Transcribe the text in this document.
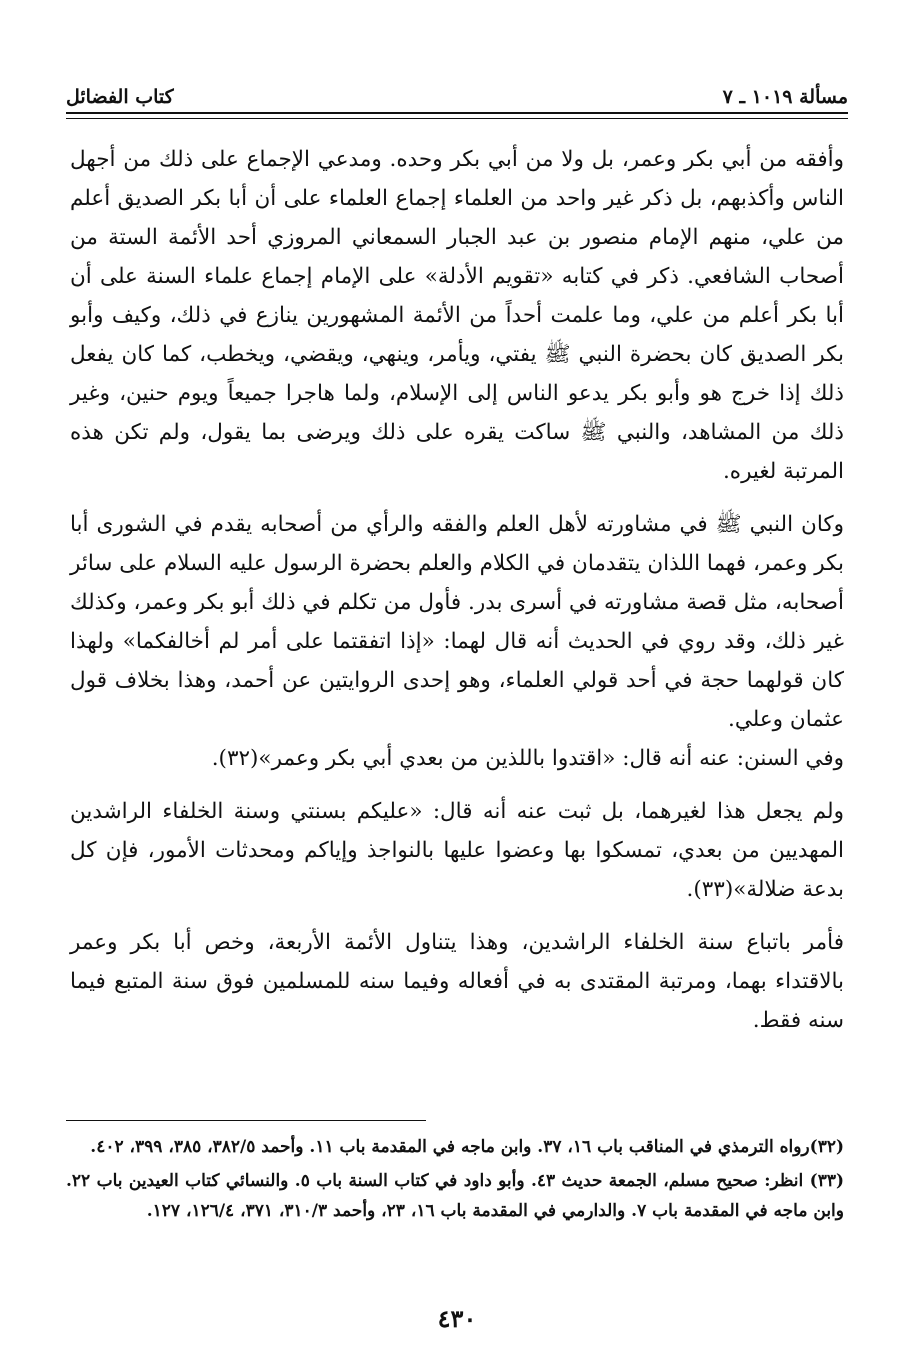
مسألة ١٠١٩ ـ ٧
كتاب الفضائل

وأفقه من أبي بكر وعمر، بل ولا من أبي بكر وحده. ومدعي الإجماع على ذلك من أجهل الناس وأكذبهم، بل ذكر غير واحد من العلماء إجماع العلماء على أن أبا بكر الصديق أعلم من علي، منهم الإمام منصور بن عبد الجبار السمعاني المروزي أحد الأئمة الستة من أصحاب الشافعي. ذكر في كتابه «تقويم الأدلة» على الإمام إجماع علماء السنة على أن أبا بكر أعلم من علي، وما علمت أحداً من الأئمة المشهورين ينازع في ذلك، وكيف وأبو بكر الصديق كان بحضرة النبي ﷺ يفتي، ويأمر، وينهي، ويقضي، ويخطب، كما كان يفعل ذلك إذا خرج هو وأبو بكر يدعو الناس إلى الإسلام، ولما هاجرا جميعاً ويوم حنين، وغير ذلك من المشاهد، والنبي ﷺ ساكت يقره على ذلك ويرضى بما يقول، ولم تكن هذه المرتبة لغيره.

وكان النبي ﷺ في مشاورته لأهل العلم والفقه والرأي من أصحابه يقدم في الشورى أبا بكر وعمر، فهما اللذان يتقدمان في الكلام والعلم بحضرة الرسول عليه السلام على سائر أصحابه، مثل قصة مشاورته في أسرى بدر. فأول من تكلم في ذلك أبو بكر وعمر، وكذلك غير ذلك، وقد روي في الحديث أنه قال لهما: «إذا اتفقتما على أمر لم أخالفكما» ولهذا كان قولهما حجة في أحد قولي العلماء، وهو إحدى الروايتين عن أحمد، وهذا بخلاف قول عثمان وعلي.

وفي السنن: عنه أنه قال: «اقتدوا باللذين من بعدي أبي بكر وعمر»(٣٢).

ولم يجعل هذا لغيرهما، بل ثبت عنه أنه قال: «عليكم بسنتي وسنة الخلفاء الراشدين المهديين من بعدي، تمسكوا بها وعضوا عليها بالنواجذ وإياكم ومحدثات الأمور، فإن كل بدعة ضلالة»(٣٣).

فأمر باتباع سنة الخلفاء الراشدين، وهذا يتناول الأئمة الأربعة، وخص أبا بكر وعمر بالاقتداء بهما، ومرتبة المقتدى به في أفعاله وفيما سنه للمسلمين فوق سنة المتبع فيما سنه فقط.

(٣٢)رواه الترمذي في المناقب باب ١٦، ٣٧. وابن ماجه في المقدمة باب ١١. وأحمد ٣٨٢/٥، ٣٨٥، ٣٩٩، ٤٠٢.

(٣٣) انظر: صحيح مسلم، الجمعة حديث ٤٣. وأبو داود في كتاب السنة باب ٥. والنسائي كتاب العيدين باب ٢٢. وابن ماجه في المقدمة باب ٧. والدارمي في المقدمة باب ١٦، ٢٣، وأحمد ٣١٠/٣، ٣٧١، ١٢٦/٤، ١٢٧.

٤٣٠
